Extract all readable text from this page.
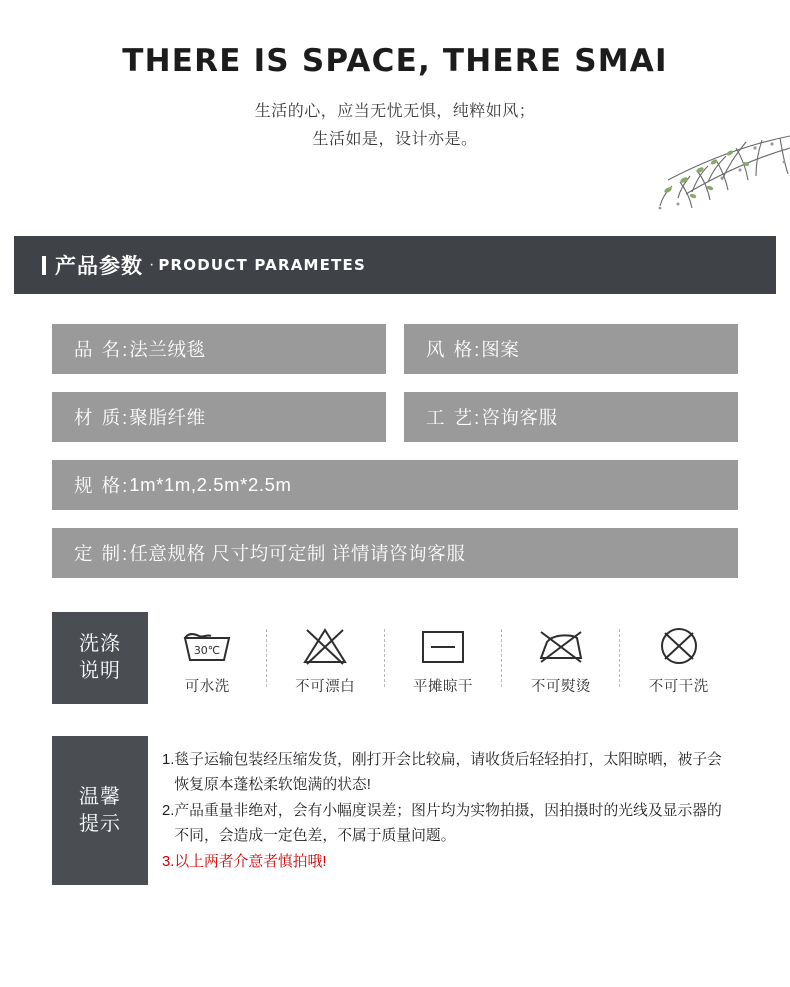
THERE IS SPACE, THERE SMAI
生活的心，应当无忧无惧，纯粹如风；
生活如是，设计亦是。
产品参数 · PRODUCT PARAMETES
品 名: 法兰绒毯	风 格: 图案
材 质: 聚脂纤维	工 艺: 咨询客服
规 格: 1m*1m,2.5m*2.5m
定 制: 任意规格 尺寸均可定制 详情请咨询客服
洗涤
说明
30℃
可水洗	不可漂白	平摊晾干	不可熨烫	不可干洗
温馨
提示
1. 毯子运输包装经压缩发货，刚打开会比较扁，请收货后轻轻拍打，太阳晾晒，被子会恢复原本蓬松柔软饱满的状态!
2. 产品重量非绝对，会有小幅度误差；图片均为实物拍摄，因拍摄时的光线及显示器的不同，会造成一定色差，不属于质量问题。
3. 以上两者介意者慎拍哦!
